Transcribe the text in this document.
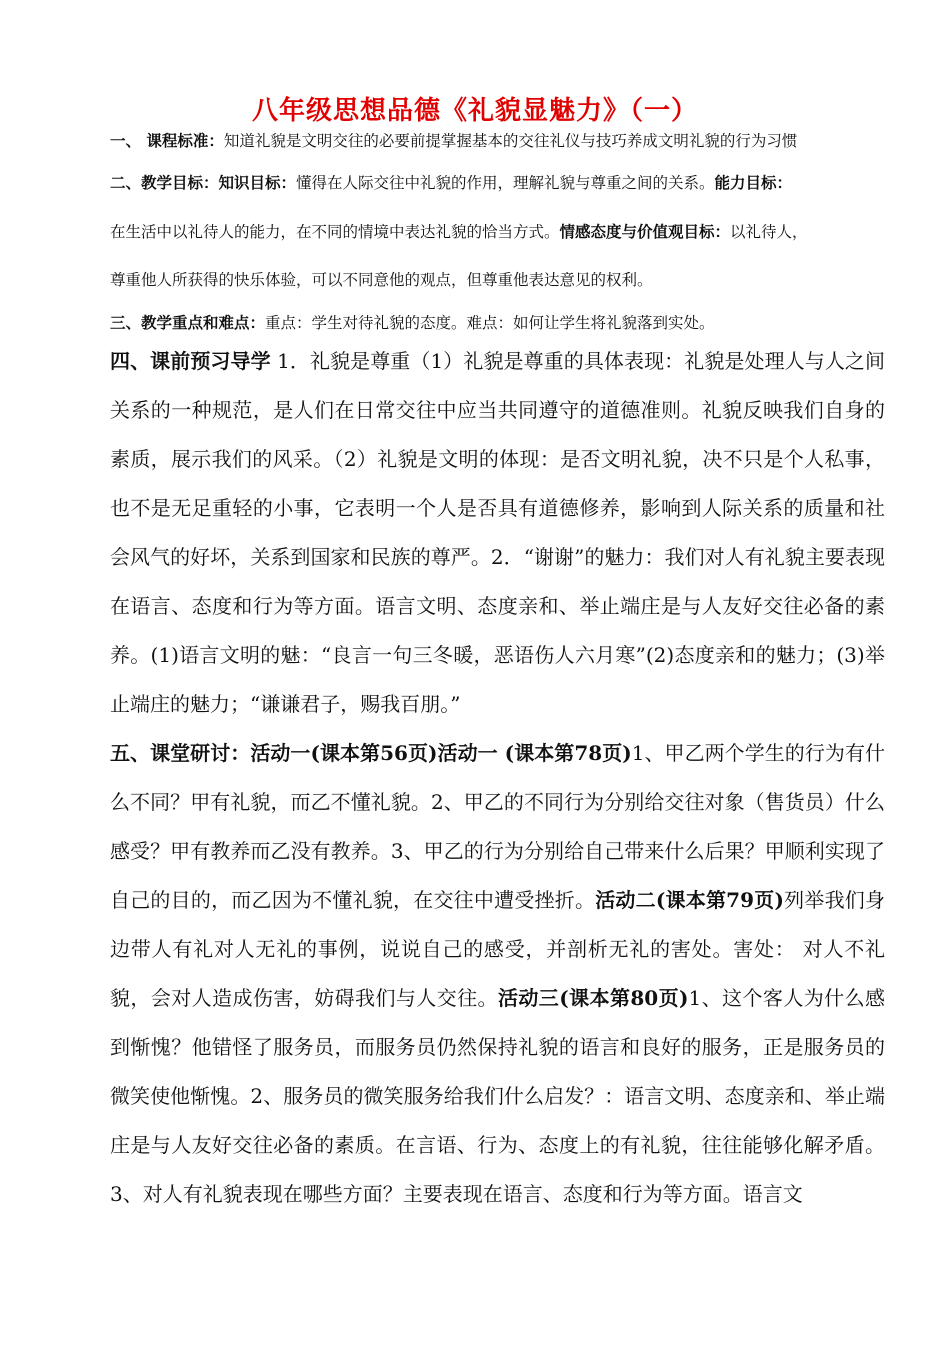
八年级思想品德《礼貌显魅力》（一）
一、 课程标准：知道礼貌是文明交往的必要前提掌握基本的交往礼仪与技巧养成文明礼貌的行为习惯
二、教学目标：知识目标：懂得在人际交往中礼貌的作用，理解礼貌与尊重之间的关系。能力目标：
在生活中以礼待人的能力，在不同的情境中表达礼貌的恰当方式。情感态度与价值观目标：以礼待人，
尊重他人所获得的快乐体验，可以不同意他的观点，但尊重他表达意见的权利。
三、教学重点和难点：重点：学生对待礼貌的态度。难点：如何让学生将礼貌落到实处。

四、课前预习导学 1．礼貌是尊重（1）礼貌是尊重的具体表现：礼貌是处理人与人之间关系的一种规范，是人们在日常交往中应当共同遵守的道德准则。礼貌反映我们自身的素质，展示我们的风采。（2）礼貌是文明的体现：是否文明礼貌，决不只是个人私事，也不是无足重轻的小事，它表明一个人是否具有道德修养，影响到人际关系的质量和社会风气的好坏，关系到国家和民族的尊严。2．“谢谢”的魅力：我们对人有礼貌主要表现在语言、态度和行为等方面。语言文明、态度亲和、举止端庄是与人友好交往必备的素养。(1)语言文明的魅：“良言一句三冬暖，恶语伤人六月寒”(2)态度亲和的魅力；(3)举止端庄的魅力；“谦谦君子，赐我百朋。”

五、课堂研讨：活动一(课本第56页)活动一 (课本第78页)1、甲乙两个学生的行为有什么不同？甲有礼貌，而乙不懂礼貌。2、甲乙的不同行为分别给交往对象（售货员）什么感受？甲有教养而乙没有教养。3、甲乙的行为分别给自己带来什么后果？甲顺利实现了自己的目的，而乙因为不懂礼貌，在交往中遭受挫折。活动二(课本第79页)列举我们身边带人有礼对人无礼的事例，说说自己的感受，并剖析无礼的害处。害处： 对人不礼貌，会对人造成伤害，妨碍我们与人交往。活动三(课本第80页)1、这个客人为什么感到惭愧？他错怪了服务员，而服务员仍然保持礼貌的语言和良好的服务，正是服务员的微笑使他惭愧。2、服务员的微笑服务给我们什么启发？：语言文明、态度亲和、举止端庄是与人友好交往必备的素质。在言语、行为、态度上的有礼貌，往往能够化解矛盾。3、对人有礼貌表现在哪些方面？主要表现在语言、态度和行为等方面。语言文
